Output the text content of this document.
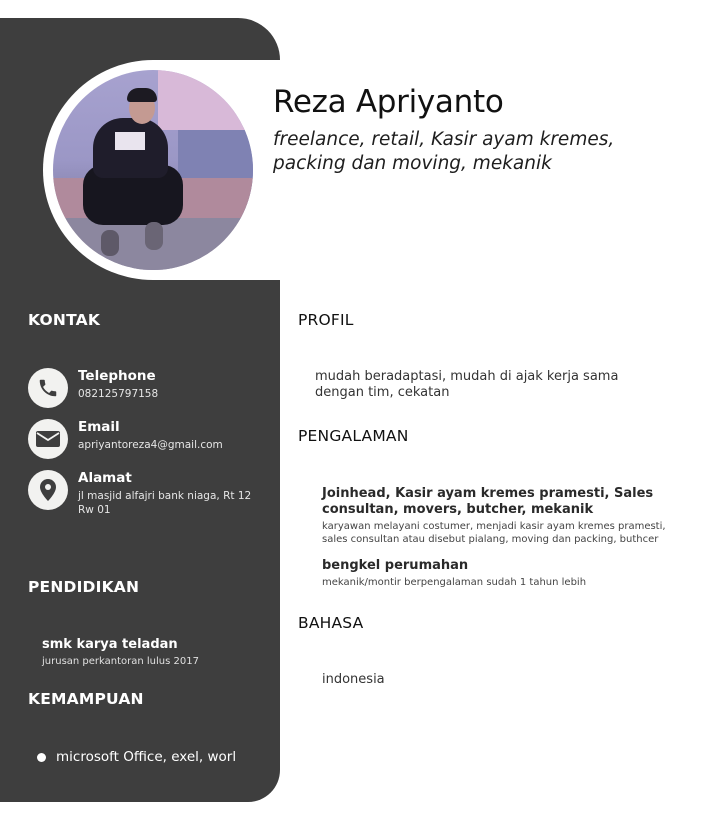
Reza Apriyanto
freelance, retail, Kasir ayam kremes, packing dan moving, mekanik
KONTAK
Telephone
082125797158
Email
apriyantoreza4@gmail.com
Alamat
jl masjid alfajri bank niaga, Rt 12 Rw 01
PENDIDIKAN
smk karya teladan
jurusan perkantoran lulus 2017
KEMAMPUAN
microsoft Office, exel, worl
PROFIL
mudah beradaptasi, mudah di ajak kerja sama dengan tim, cekatan
PENGALAMAN
Joinhead, Kasir ayam kremes pramesti, Sales consultan, movers, butcher, mekanik
karyawan melayani costumer, menjadi kasir ayam kremes pramesti, sales consultan atau disebut pialang, moving dan packing, buthcer
bengkel perumahan
mekanik/montir berpengalaman sudah 1 tahun lebih
BAHASA
indonesia
